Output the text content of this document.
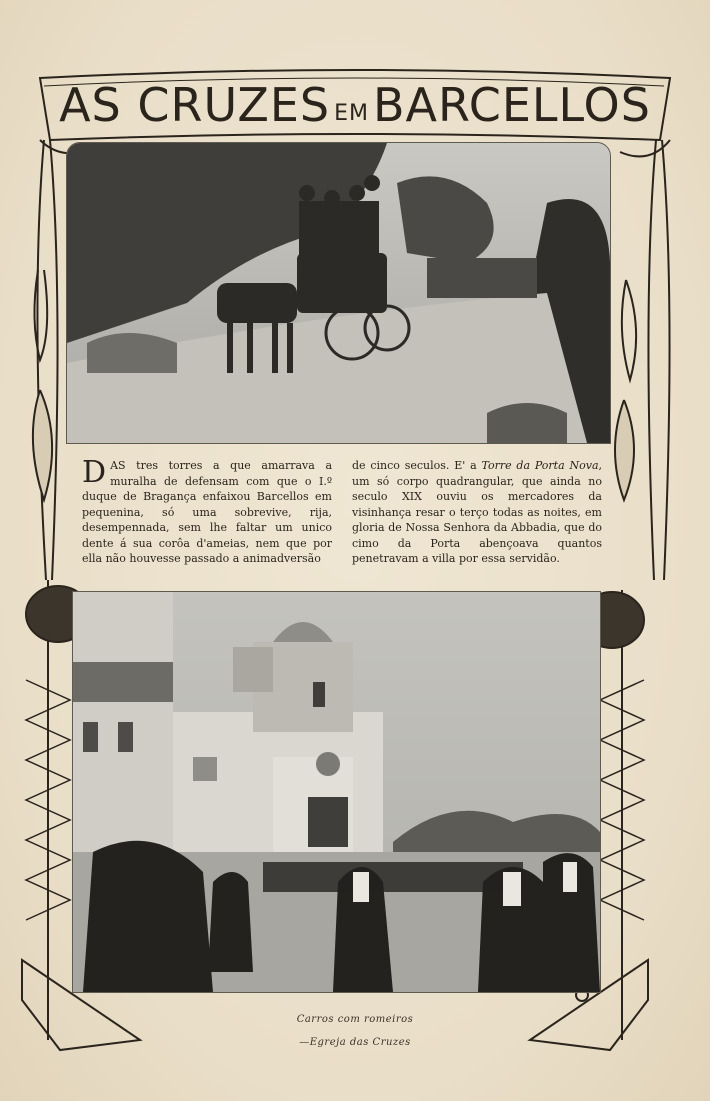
AS CRUZES EM BARCELLOS
DAS tres torres a que amarrava a muralha de defensam com que o I.º duque de Bragança enfaixou Barcellos em pequenina, só uma sobrevive, rija, desempennada, sem lhe faltar um unico dente á sua corôa d'ameias, nem que por ella não houvesse passado a animadversão
de cinco seculos. E' a Torre da Porta Nova, um só corpo quadrangular, que ainda no seculo XIX ouviu os mercadores da visinhança resar o terço todas as noites, em gloria de Nossa Senhora da Abbadia, que do cimo da Porta abençoava quantos penetravam a villa por essa servidão.
Carros com romeiros
—Egreja das Cruzes
